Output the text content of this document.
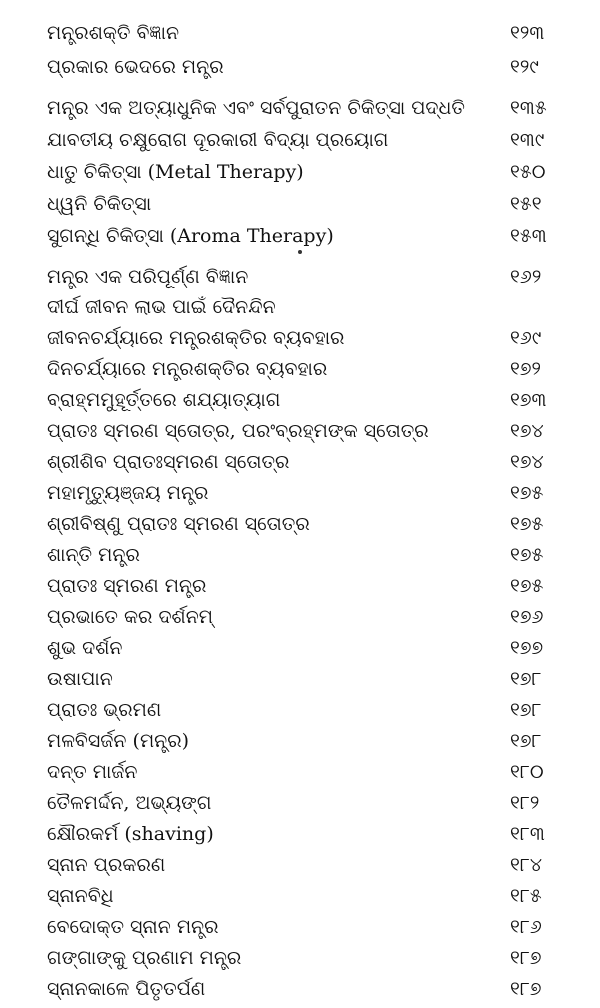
ମନ୍ତ୍ରଶକ୍ତି ବିଜ୍ଞାନ	୧୨୩
ପ୍ରକାର ଭେଦରେ ମନ୍ତ୍ର	୧୨୯
ମନ୍ତ୍ର ଏକ ଅତ୍ୟାଧୁନିକ ଏବଂ ସର୍ବପୁରାତନ ଚିକିତ୍ସା ପଦ୍ଧତି ୧୩୫
ଯାବତୀୟ ଚକ୍ଷୁରୋଗ ଦୂରକାରୀ ବିଦ୍ୟା ପ୍ରୟୋଗ	୧୩୯
ଧାତୁ ଚିକିତ୍ସା (Metal Therapy)	୧୫୦
ଧ୍ୱନି ଚିକିତ୍ସା	୧୫୧
ସୁଗନ୍ଧି ଚିକିତ୍ସା (Aroma Therapy)	୧୫୩
ମନ୍ତ୍ର ଏକ ପରିପୂର୍ଣ୍ଣ ବିଜ୍ଞାନ	୧୬୨
ଦୀର୍ଘ ଜୀବନ ଲାଭ ପାଇଁ ଦୈନନ୍ଦିନ
ଜୀବନଚର୍ଯ୍ୟାରେ ମନ୍ତ୍ରଶକ୍ତିର ବ୍ୟବହାର	୧୬୯
ଦିନଚର୍ଯ୍ୟାରେ ମନ୍ତ୍ରଶକ୍ତିର ବ୍ୟବହାର	୧୭୨
ବ୍ରାହ୍ମମୁହୂର୍ତ୍ତରେ ଶଯ୍ୟାତ୍ୟାଗ	୧୭୩
ପ୍ରାତଃ ସ୍ମରଣ ସ୍ତୋତ୍ର, ପରଂବ୍ରହ୍ମଙ୍କ ସ୍ତୋତ୍ର	୧୭୪
ଶ୍ରୀଶିବ ପ୍ରାତଃସ୍ମରଣ ସ୍ତୋତ୍ର	୧୭୪
ମହାମୃତ୍ୟୁଞ୍ଜୟ ମନ୍ତ୍ର	୧୭୫
ଶ୍ରୀବିଷ୍ଣୁ ପ୍ରାତଃ ସ୍ମରଣ ସ୍ତୋତ୍ର	୧୭୫
ଶାନ୍ତି ମନ୍ତ୍ର	୧୭୫
ପ୍ରାତଃ ସ୍ମରଣ ମନ୍ତ୍ର	୧୭୫
ପ୍ରଭାତେ କର ଦର୍ଶନମ୍	୧୭୬
ଶୁଭ ଦର୍ଶନ	୧୭୭
ଉଷାପାନ	୧୭୮
ପ୍ରାତଃ ଭ୍ରମଣ	୧୭୮
ମଳବିସର୍ଜନ (ମନ୍ତ୍ର)	୧୭୮
ଦନ୍ତ ମାର୍ଜନ	୧୮୦
ତୈଳମର୍ଦ୍ଦନ, ଅଭ୍ୟଙ୍ଗ	୧୮୨
କ୍ଷୌରକର୍ମ (shaving)	୧୮୩
ସ୍ନାନ ପ୍ରକରଣ	୧୮୪
ସ୍ନାନବିଧି	୧୮୫
ବେଦୋକ୍ତ ସ୍ନାନ ମନ୍ତ୍ର	୧୮୬
ଗଙ୍ଗାଙ୍କୁ ପ୍ରଣାମ ମନ୍ତ୍ର	୧୮୭
ସ୍ନାନକାଳେ ପିତୃତର୍ପଣ	୧୮୭
